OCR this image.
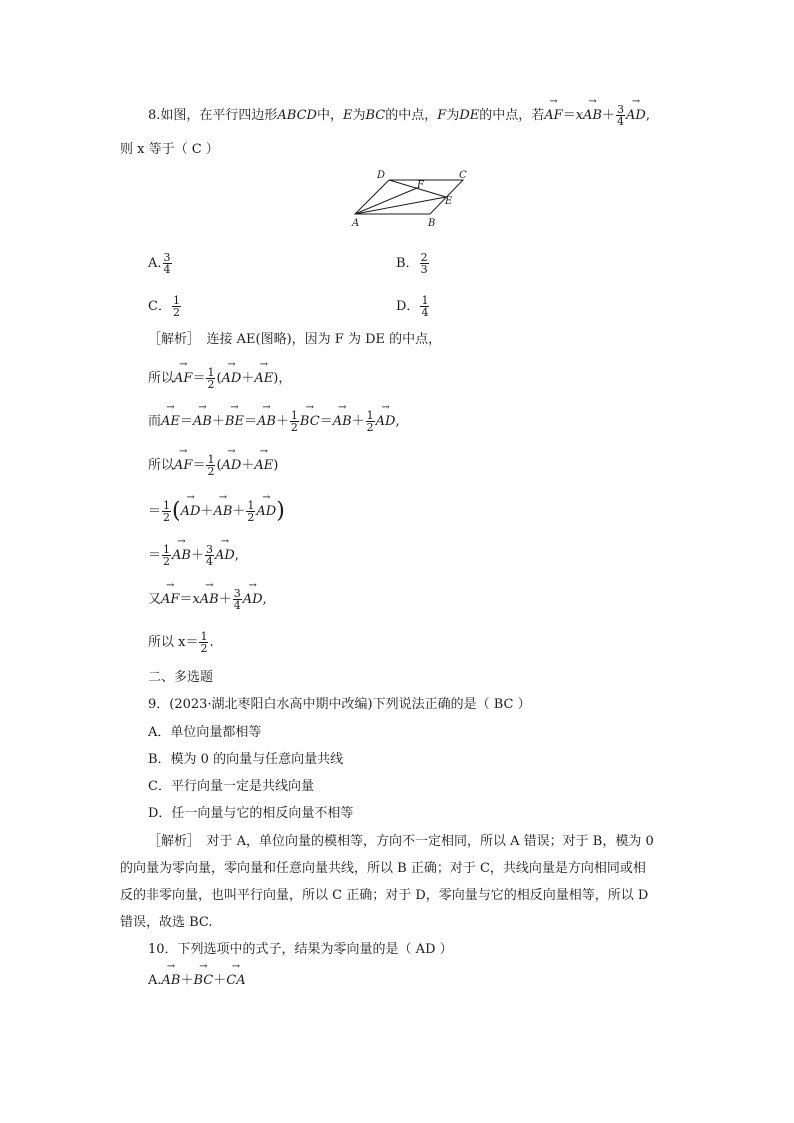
8.如图，在平行四边形ABCD中，E为BC的中点，F为DE的中点，若→ $AF=x\to AB+ \frac{3}{4}$
→ AD,
则 x 等于（ C ）
D	C
F
E
A	B
A. $\frac{3}{4}$	B． $\frac{2}{3}$
C． $\frac{1}{2}$	D． $\frac{1}{4}$
［解析］　连接 AE(图略)，因为 F 为 DE 的中点，
所以→ $AF= \frac{1}{2}$ (→ AD＋→ AE)，
而→ $AE=\to AB+\to BE=\to AB+ \frac{1}{2}$
→ $BC=\to AB+ \frac{1}{2}$
→ AD,
所以→ $AF= \frac{1}{2}$ (→ AD＋→ AE)
＝ $\frac{1}{2}$ (→ $AD+\to AB+ \frac{1}{2}$
→ AD)
＝ $\frac{1}{2}$
→ $AB+ \frac{3}{4}$
→ AD,
又→ $AF=x\to AB+ \frac{3}{4}$
→ AD,
所以 $x= \frac{1}{2}$ .
二、多选题
9．(2023·湖北枣阳白水高中期中改编)下列说法正确的是（ BC ）
A．单位向量都相等
B．模为 0 的向量与任意向量共线
C．平行向量一定是共线向量
D．任一向量与它的相反向量不相等
［解析］　对于 A，单位向量的模相等，方向不一定相同，所以 A 错误；对于 B，模为 0
的向量为零向量，零向量和任意向量共线，所以 B 正确；对于 C，共线向量是方向相同或相
反的非零向量，也叫平行向量，所以 C 正确；对于 D，零向量与它的相反向量相等，所以 D
错误，故选 BC.
10．下列选项中的式子，结果为零向量的是（ AD ）
A.→ AB＋→ BC＋→ CA
